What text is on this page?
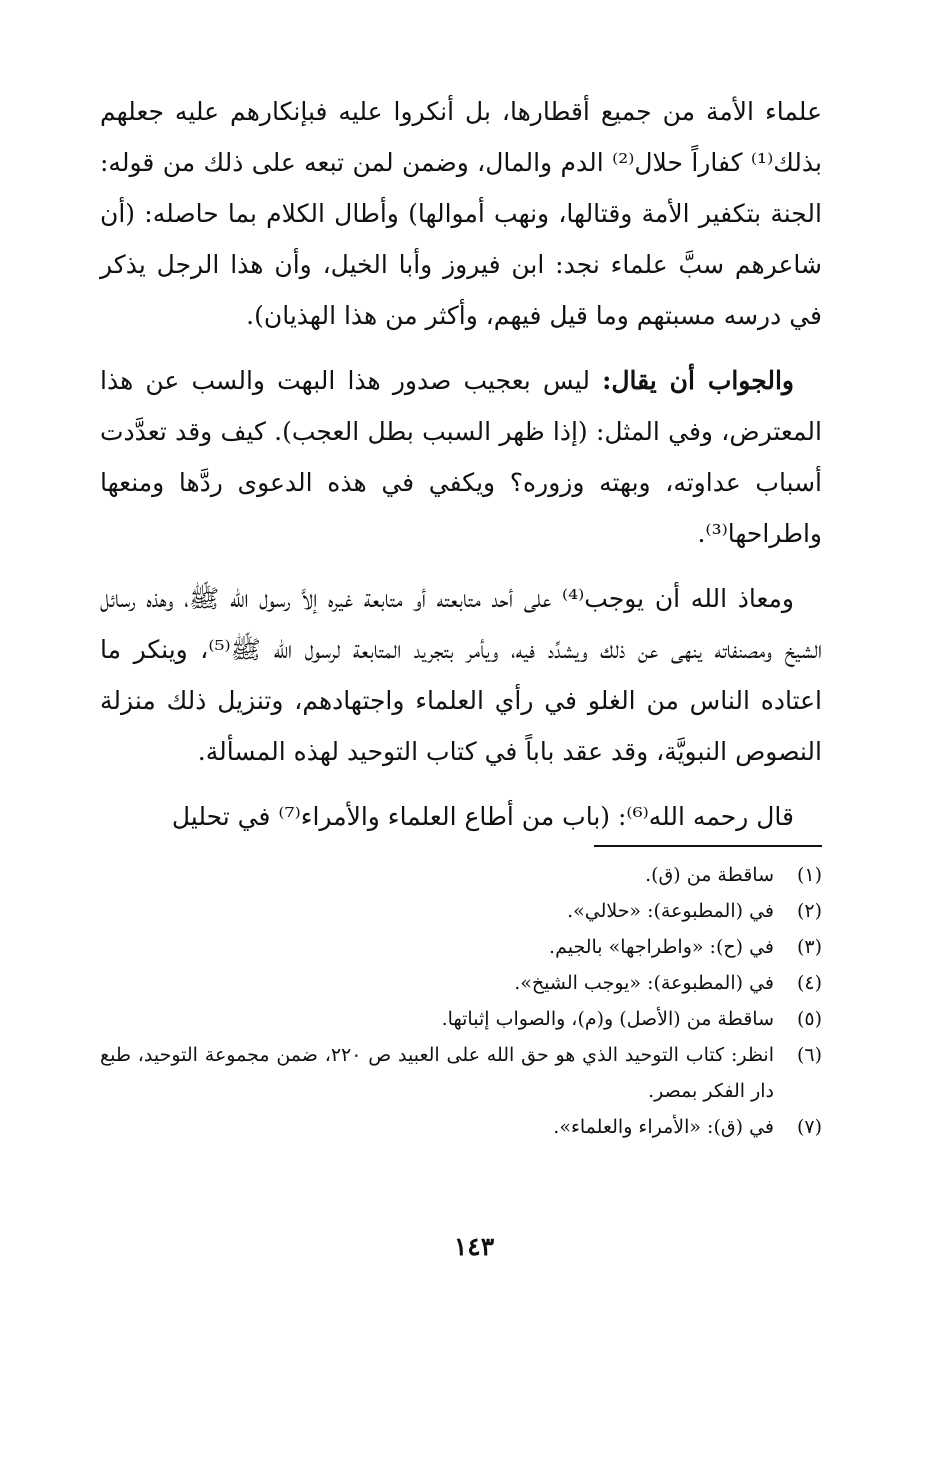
علماء الأمة من جميع أقطارها، بل أنكروا عليه فبإنكارهم عليه جعلهم بذلك⁽¹⁾ كفاراً حلال⁽²⁾ الدم والمال، وضمن لمن تبعه على ذلك من قوله: الجنة بتكفير الأمة وقتالها، ونهب أموالها) وأطال الكلام بما حاصله: (أن شاعرهم سبَّ علماء نجد: ابن فيروز وأبا الخيل، وأن هذا الرجل يذكر في درسه مسبتهم وما قيل فيهم، وأكثر من هذا الهذيان).

والجواب أن يقال: ليس بعجيب صدور هذا البهت والسب عن هذا المعترض، وفي المثل: (إذا ظهر السبب بطل العجب). كيف وقد تعدَّدت أسباب عداوته، وبهته وزوره؟ ويكفي في هذه الدعوى ردَّها ومنعها واطراحها⁽³⁾.

ومعاذ الله أن يوجب⁽⁴⁾ على أحد متابعته أو متابعة غيره إلاَّ رسول الله ﷺ، وهذه رسائل الشيخ ومصنفاته ينهى عن ذلك ويشدِّد فيه، ويأمر بتجريد المتابعة لرسول الله ﷺ⁽⁵⁾، وينكر ما اعتاده الناس من الغلو في رأي العلماء واجتهادهم، وتنزيل ذلك منزلة النصوص النبويَّة، وقد عقد باباً في كتاب التوحيد لهذه المسألة.

قال رحمه الله⁽⁶⁾: (باب من أطاع العلماء والأمراء⁽⁷⁾ في تحليل

(١)
ساقطة من (ق).
(٢)
في (المطبوعة): «حلالي».
(٣)
في (ح): «واطراجها» بالجيم.
(٤)
في (المطبوعة): «يوجب الشيخ».
(٥)
ساقطة من (الأصل) و(م)، والصواب إثباتها.
(٦)
انظر: كتاب التوحيد الذي هو حق الله على العبيد ص ٢٢٠، ضمن مجموعة التوحيد، طبع دار الفكر بمصر.
(٧)
في (ق): «الأمراء والعلماء».
١٤٣
